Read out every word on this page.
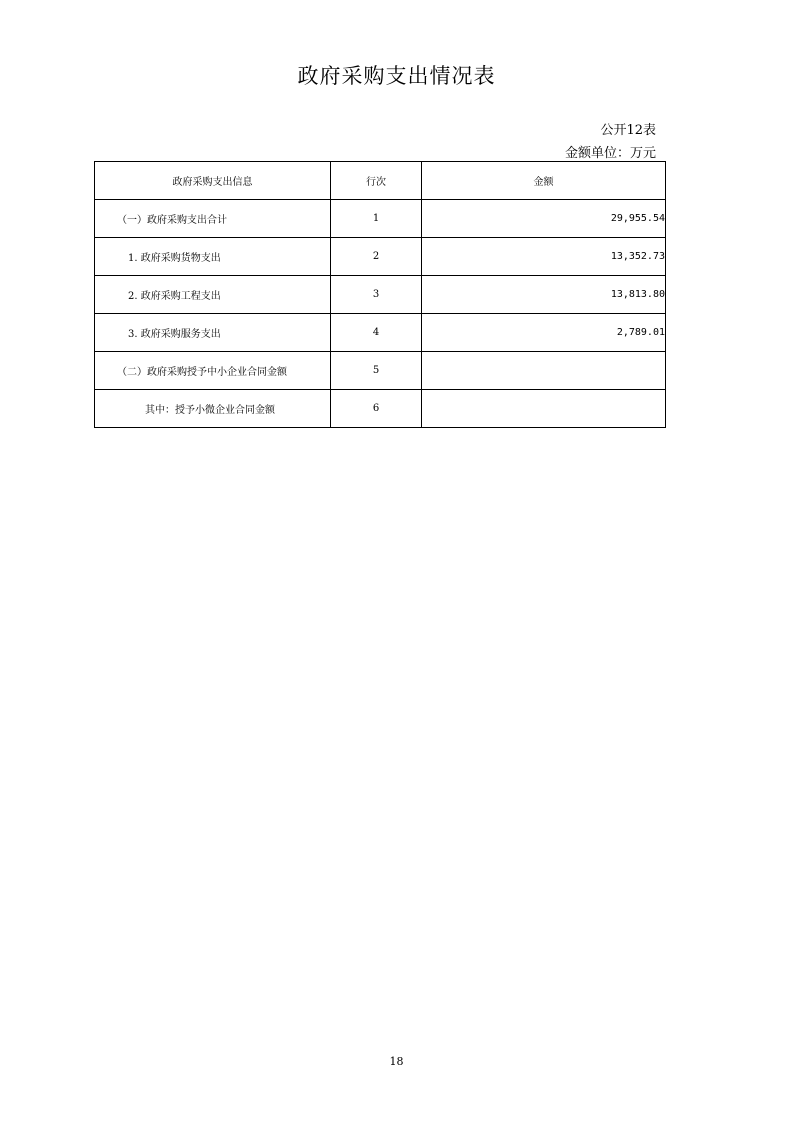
政府采购支出情况表
公开12表
金额单位：万元
政府采购支出信息	行次	金额
（一）政府采购支出合计	1	29,955.54
1. 政府采购货物支出	2	13,352.73
2. 政府采购工程支出	3	13,813.80
3. 政府采购服务支出	4	2,789.01
（二）政府采购授予中小企业合同金额	5	
其中：授予小微企业合同金额	6	
18
